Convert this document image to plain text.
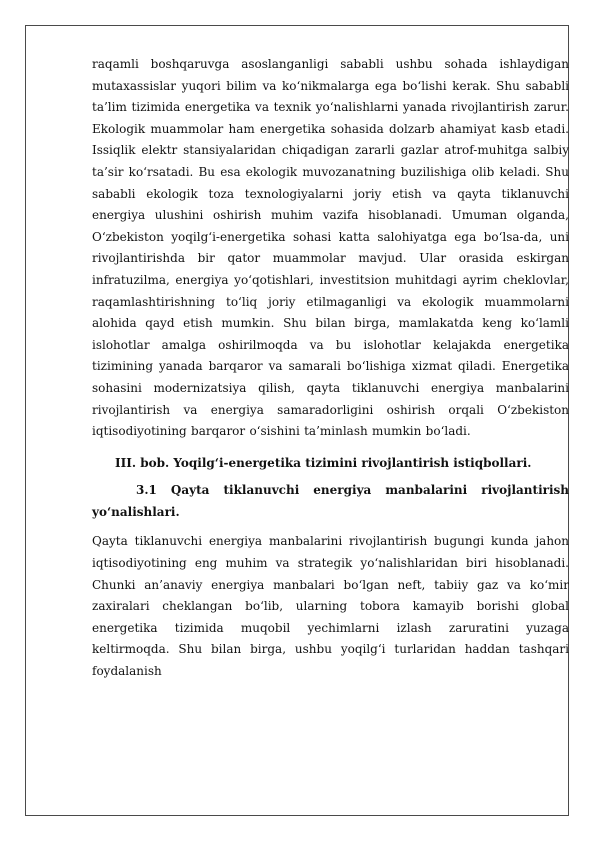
raqamli boshqaruvga asoslanganligi sababli ushbu sohada ishlaydigan mutaxassislar yuqori bilim va ko‘nikmalarga ega bo‘lishi kerak. Shu sababli ta’lim tizimida energetika va texnik yo‘nalishlarni yanada rivojlantirish zarur. Ekologik muammolar ham energetika sohasida dolzarb ahamiyat kasb etadi. Issiqlik elektr stansiyalaridan chiqadigan zararli gazlar atrof-muhitga salbiy ta’sir ko‘rsatadi. Bu esa ekologik muvozanatning buzilishiga olib keladi. Shu sababli ekologik toza texnologiyalarni joriy etish va qayta tiklanuvchi energiya ulushini oshirish muhim vazifa hisoblanadi. Umuman olganda, O‘zbekiston yoqilg‘i-energetika sohasi katta salohiyatga ega bo‘lsa-da, uni rivojlantirishda bir qator muammolar mavjud. Ular orasida eskirgan infratuzilma, energiya yo‘qotishlari, investitsion muhitdagi ayrim cheklovlar, raqamlashtirishning to‘liq joriy etilmaganligi va ekologik muammolarni alohida qayd etish mumkin. Shu bilan birga, mamlakatda keng ko‘lamli islohotlar amalga oshirilmoqda va bu islohotlar kelajakda energetika tizimining yanada barqaror va samarali bo‘lishiga xizmat qiladi. Energetika sohasini modernizatsiya qilish, qayta tiklanuvchi energiya manbalarini rivojlantirish va energiya samaradorligini oshirish orqali O‘zbekiston iqtisodiyotining barqaror o‘sishini ta’minlash mumkin bo‘ladi.

III. bob. Yoqilg‘i-energetika tizimini rivojlantirish istiqbollari.

3.1 Qayta tiklanuvchi energiya manbalarini rivojlantirish yo‘nalishlari.

Qayta tiklanuvchi energiya manbalarini rivojlantirish bugungi kunda jahon iqtisodiyotining eng muhim va strategik yo‘nalishlaridan biri hisoblanadi. Chunki an’anaviy energiya manbalari bo‘lgan neft, tabiiy gaz va ko‘mir zaxiralari cheklangan bo‘lib, ularning tobora kamayib borishi global energetika tizimida muqobil yechimlarni izlash zaruratini yuzaga keltirmoqda. Shu bilan birga, ushbu yoqilg‘i turlaridan haddan tashqari foydalanish
